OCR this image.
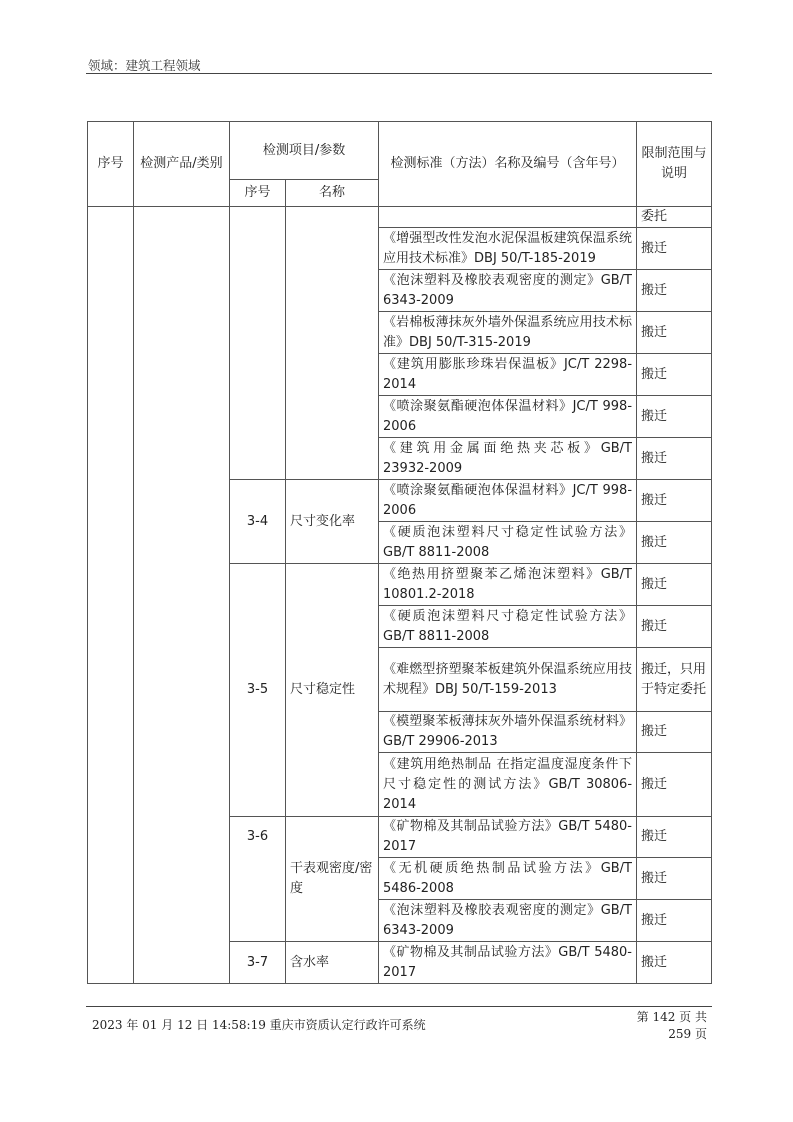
领域：建筑工程领域
序号	检测产品/类别	检测项目/参数		检测标准（方法）名称及编号（含年号）	限制范围与说明
		序号	名称		
					委托
				《增强型改性发泡水泥保温板建筑保温系统应用技术标准》DBJ 50/T-185-2019	搬迁
				《泡沫塑料及橡胶表观密度的测定》GB/T 6343-2009	搬迁
				《岩棉板薄抹灰外墙外保温系统应用技术标准》DBJ 50/T-315-2019	搬迁
				《建筑用膨胀珍珠岩保温板》JC/T 2298-2014	搬迁
				《喷涂聚氨酯硬泡体保温材料》JC/T 998-2006	搬迁
				《建筑用金属面绝热夹芯板》GB/T 23932-2009	搬迁
		3-4	尺寸变化率	《喷涂聚氨酯硬泡体保温材料》JC/T 998-2006	搬迁
				《硬质泡沫塑料尺寸稳定性试验方法》GB/T 8811-2008	搬迁
		3-5	尺寸稳定性	《绝热用挤塑聚苯乙烯泡沫塑料》GB/T 10801.2-2018	搬迁
				《硬质泡沫塑料尺寸稳定性试验方法》GB/T 8811-2008	搬迁
				《难燃型挤塑聚苯板建筑外保温系统应用技术规程》DBJ 50/T-159-2013	搬迁，只用于特定委托
				《模塑聚苯板薄抹灰外墙外保温系统材料》GB/T 29906-2013	搬迁
				《建筑用绝热制品 在指定温度湿度条件下尺寸稳定性的测试方法》GB/T 30806-2014	搬迁
		3-6	干表观密度/密度	《矿物棉及其制品试验方法》GB/T 5480-2017	搬迁
				《无机硬质绝热制品试验方法》GB/T 5486-2008	搬迁
				《泡沫塑料及橡胶表观密度的测定》GB/T 6343-2009	搬迁
		3-7	含水率	《矿物棉及其制品试验方法》GB/T 5480-2017	搬迁
2023 年 01 月 12 日 14:58:19 重庆市资质认定行政许可系统
第 142 页 共 259 页
